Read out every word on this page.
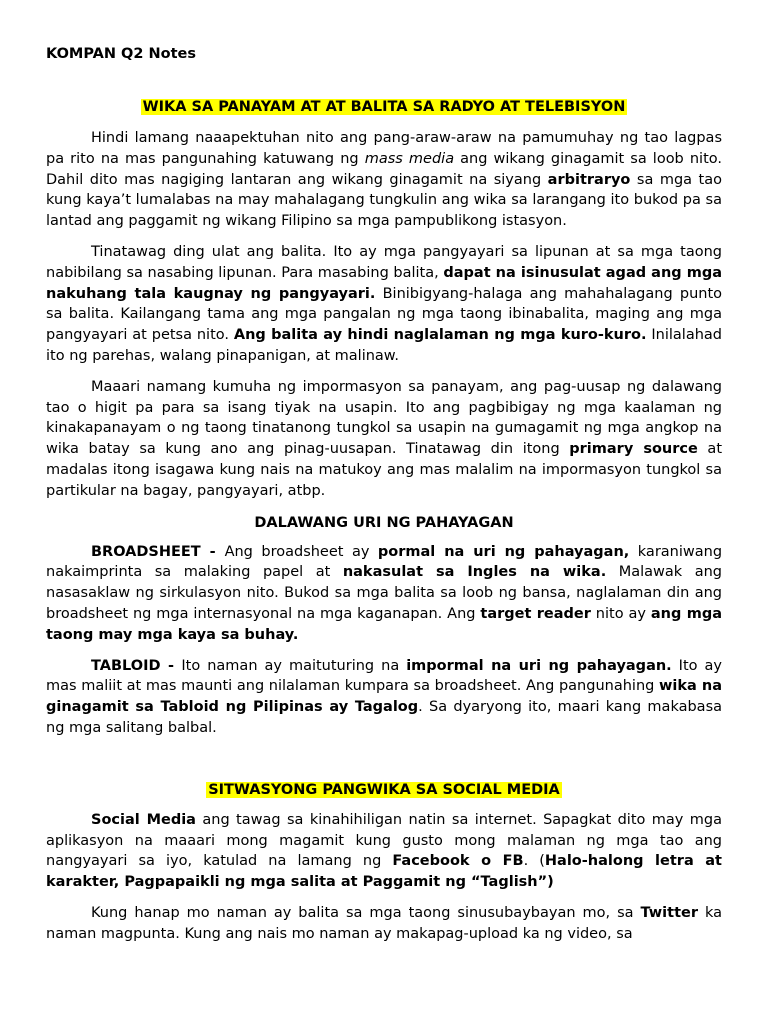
KOMPAN Q2 Notes
WIKA SA PANAYAM AT AT BALITA SA RADYO AT TELEBISYON

Hindi lamang naaapektuhan nito ang pang-araw-araw na pamumuhay ng tao lagpas pa rito na mas pangunahing katuwang ng mass media ang wikang ginagamit sa loob nito. Dahil dito mas nagiging lantaran ang wikang ginagamit na siyang arbitraryo sa mga tao kung kaya’t lumalabas na may mahalagang tungkulin ang wika sa larangang ito bukod pa sa lantad ang paggamit ng wikang Filipino sa mga pampublikong istasyon.

Tinatawag ding ulat ang balita. Ito ay mga pangyayari sa lipunan at sa mga taong nabibilang sa nasabing lipunan. Para masabing balita, dapat na isinusulat agad ang mga nakuhang tala kaugnay ng pangyayari. Binibigyang-halaga ang mahahalagang punto sa balita. Kailangang tama ang mga pangalan ng mga taong ibinabalita, maging ang mga pangyayari at petsa nito. Ang balita ay hindi naglalaman ng mga kuro-kuro. Inilalahad ito ng parehas, walang pinapanigan, at malinaw.

Maaari namang kumuha ng impormasyon sa panayam, ang pag-uusap ng dalawang tao o higit pa para sa isang tiyak na usapin. Ito ang pagbibigay ng mga kaalaman ng kinakapanayam o ng taong tinatanong tungkol sa usapin na gumagamit ng mga angkop na wika batay sa kung ano ang pinag-uusapan. Tinatawag din itong primary source at madalas itong isagawa kung nais na matukoy ang mas malalim na impormasyon tungkol sa partikular na bagay, pangyayari, atbp.

DALAWANG URI NG PAHAYAGAN

BROADSHEET - Ang broadsheet ay pormal na uri ng pahayagan, karaniwang nakaimprinta sa malaking papel at nakasulat sa Ingles na wika. Malawak ang nasasaklaw ng sirkulasyon nito. Bukod sa mga balita sa loob ng bansa, naglalaman din ang broadsheet ng mga internasyonal na mga kaganapan. Ang target reader nito ay ang mga taong may mga kaya sa buhay.

TABLOID - Ito naman ay maituturing na impormal na uri ng pahayagan. Ito ay mas maliit at mas maunti ang nilalaman kumpara sa broadsheet. Ang pangunahing wika na ginagamit sa Tabloid ng Pilipinas ay Tagalog. Sa dyaryong ito, maari kang makabasa ng mga salitang balbal.

SITWASYONG PANGWIKA SA SOCIAL MEDIA

Social Media ang tawag sa kinahihiligan natin sa internet. Sapagkat dito may mga aplikasyon na maaari mong magamit kung gusto mong malaman ng mga tao ang nangyayari sa iyo, katulad na lamang ng Facebook o FB. (Halo-halong letra at karakter, Pagpapaikli ng mga salita at Paggamit ng “Taglish”)

Kung hanap mo naman ay balita sa mga taong sinusubaybayan mo, sa Twitter ka naman magpunta. Kung ang nais mo naman ay makapag-upload ka ng video, sa
